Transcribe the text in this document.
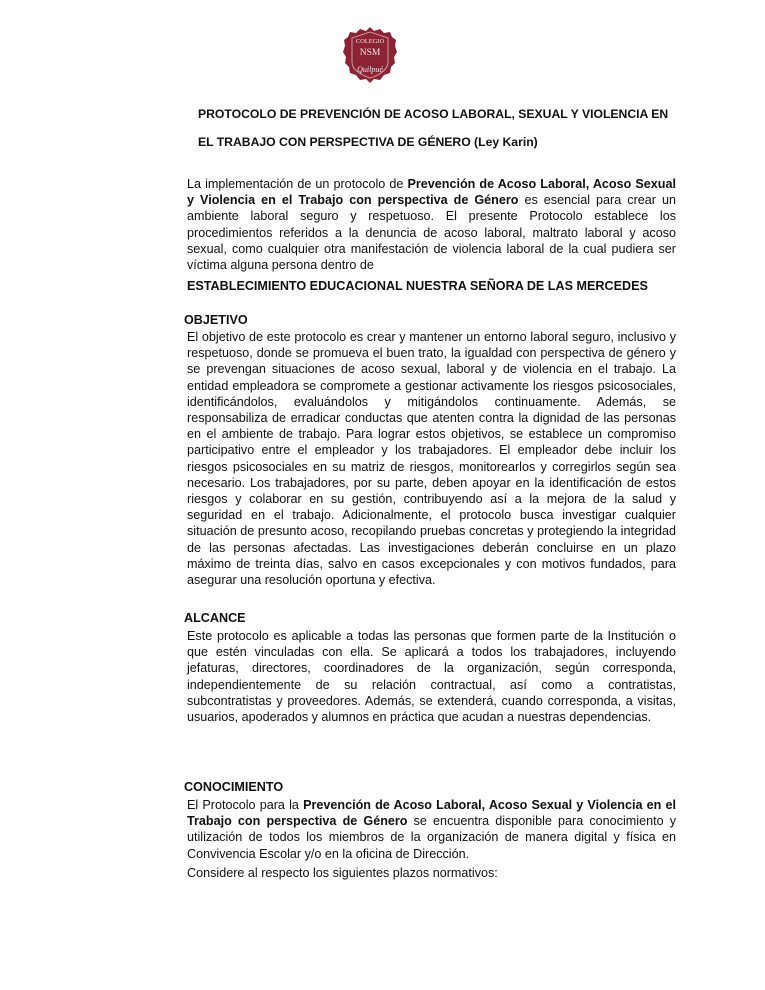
COLEGIO
NSM
Quilpué
PROTOCOLO DE PREVENCIÓN DE ACOSO LABORAL, SEXUAL Y VIOLENCIA EN
EL TRABAJO CON PERSPECTIVA DE GÉNERO (Ley Karin)

La implementación de un protocolo de Prevención de Acoso Laboral, Acoso Sexual y Violencia en el Trabajo con perspectiva de Género es esencial para crear un ambiente laboral seguro y respetuoso. El presente Protocolo establece los procedimientos referidos a la denuncia de acoso laboral, maltrato laboral y acoso sexual, como cualquier otra manifestación de violencia laboral de la cual pudiera ser víctima alguna persona dentro de

ESTABLECIMIENTO EDUCACIONAL NUESTRA SEÑORA DE LAS MERCEDES
OBJETIVO

El objetivo de este protocolo es crear y mantener un entorno laboral seguro, inclusivo y respetuoso, donde se promueva el buen trato, la igualdad con perspectiva de género y se prevengan situaciones de acoso sexual, laboral y de violencia en el trabajo. La entidad empleadora se compromete a gestionar activamente los riesgos psicosociales, identificándolos, evaluándolos y mitigándolos continuamente. Además, se responsabiliza de erradicar conductas que atenten contra la dignidad de las personas en el ambiente de trabajo. Para lograr estos objetivos, se establece un compromiso participativo entre el empleador y los trabajadores. El empleador debe incluir los riesgos psicosociales en su matriz de riesgos, monitorearlos y corregirlos según sea necesario. Los trabajadores, por su parte, deben apoyar en la identificación de estos riesgos y colaborar en su gestión, contribuyendo así a la mejora de la salud y seguridad en el trabajo. Adicionalmente, el protocolo busca investigar cualquier situación de presunto acoso, recopilando pruebas concretas y protegiendo la integridad de las personas afectadas. Las investigaciones deberán concluirse en un plazo máximo de treinta días, salvo en casos excepcionales y con motivos fundados, para asegurar una resolución oportuna y efectiva.

ALCANCE

Este protocolo es aplicable a todas las personas que formen parte de la Institución o que estén vinculadas con ella. Se aplicará a todos los trabajadores, incluyendo jefaturas, directores, coordinadores de la organización, según corresponda, independientemente de su relación contractual, así como a contratistas, subcontratistas y proveedores. Además, se extenderá, cuando corresponda, a visitas, usuarios, apoderados y alumnos en práctica que acudan a nuestras dependencias.

CONOCIMIENTO

El Protocolo para la Prevención de Acoso Laboral, Acoso Sexual y Violencia en el Trabajo con perspectiva de Género se encuentra disponible para conocimiento y utilización de todos los miembros de la organización de manera digital y física en Convivencia Escolar y/o en la oficina de Dirección.

Considere al respecto los siguientes plazos normativos:
